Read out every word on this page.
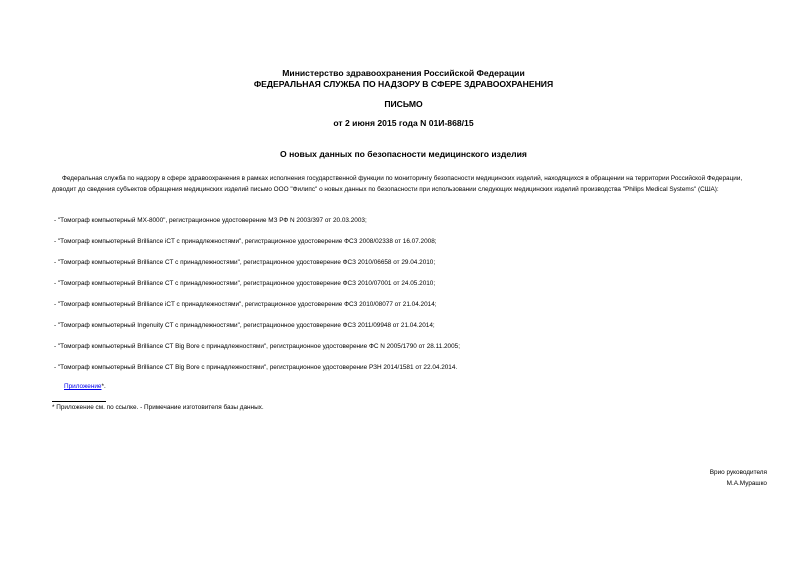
Министерство здравоохранения Российской Федерации
ФЕДЕРАЛЬНАЯ СЛУЖБА ПО НАДЗОРУ В СФЕРЕ ЗДРАВООХРАНЕНИЯ
ПИСЬМО
от 2 июня 2015 года N 01И-868/15
О новых данных по безопасности медицинского изделия
Федеральная служба по надзору в сфере здравоохранения в рамках исполнения государственной функции по мониторингу безопасности медицинских изделий, находящихся в обращении на территории Российской Федерации, доводит до сведения субъектов обращения медицинских изделий письмо ООО "Филипс" о новых данных по безопасности при использовании следующих медицинских изделий производства "Philips Medical Systems" (США):
- "Томограф компьютерный MX-8000", регистрационное удостоверение МЗ РФ N 2003/397 от 20.03.2003;
- "Томограф компьютерный Brilliance iCT с принадлежностями", регистрационное удостоверение ФСЗ 2008/02338 от 16.07.2008;
- "Томограф компьютерный Brilliance CT с принадлежностями", регистрационное удостоверение ФСЗ 2010/06658 от 29.04.2010;
- "Томограф компьютерный Brilliance CT с принадлежностями", регистрационное удостоверение ФСЗ 2010/07001 от 24.05.2010;
- "Томограф компьютерный Brilliance iCT с принадлежностями", регистрационное удостоверение ФСЗ 2010/08077 от 21.04.2014;
- "Томограф компьютерный Ingenuity CT с принадлежностями", регистрационное удостоверение ФСЗ 2011/09948 от 21.04.2014;
- "Томограф компьютерный Brilliance CT Big Bore с принадлежностями", регистрационное удостоверение ФС N 2005/1790 от 28.11.2005;
- "Томограф компьютерный Brilliance CT Big Bore с принадлежностями", регистрационное удостоверение РЗН 2014/1581 от 22.04.2014.
Приложение*.
* Приложение см. по ссылке. - Примечание изготовителя базы данных.
Врио руководителя
М.А.Мурашко
